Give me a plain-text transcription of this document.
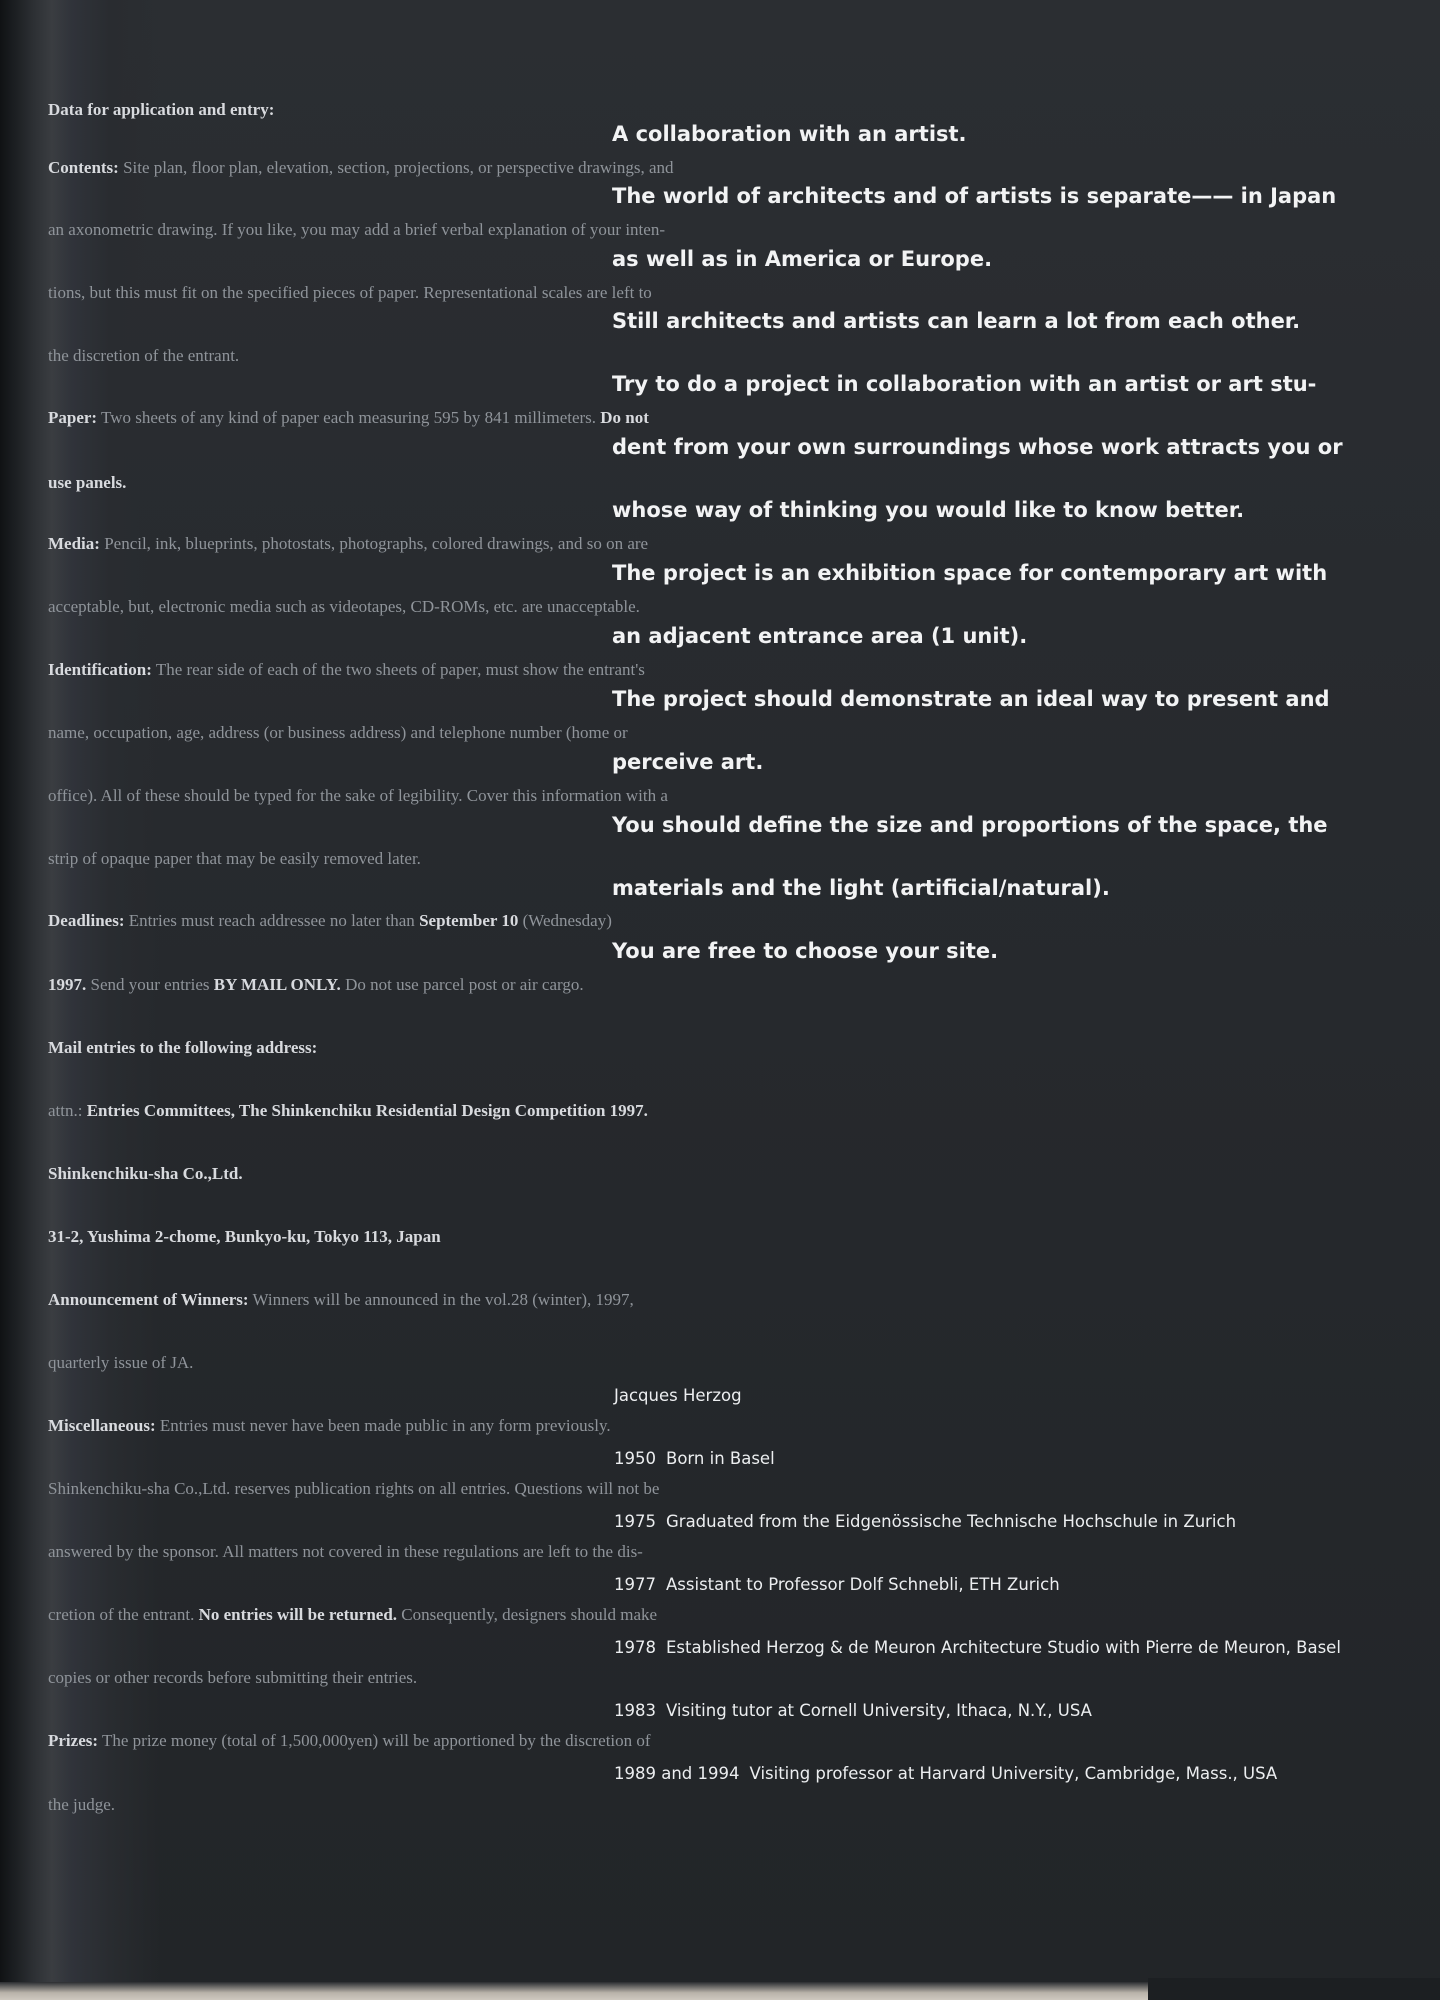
Data for application and entry:
Contents: Site plan, floor plan, elevation, section, projections, or perspective drawings, and
an axonometric drawing. If you like, you may add a brief verbal explanation of your inten-
tions, but this must fit on the specified pieces of paper. Representational scales are left to
the discretion of the entrant.
Paper: Two sheets of any kind of paper each measuring 595 by 841 millimeters. Do not
use panels.
Media: Pencil, ink, blueprints, photostats, photographs, colored drawings, and so on are
acceptable, but, electronic media such as videotapes, CD-ROMs, etc. are unacceptable.
Identification: The rear side of each of the two sheets of paper, must show the entrant's
name, occupation, age, address (or business address) and telephone number (home or
office). All of these should be typed for the sake of legibility. Cover this information with a
strip of opaque paper that may be easily removed later.
Deadlines: Entries must reach addressee no later than September 10 (Wednesday)
1997. Send your entries BY MAIL ONLY. Do not use parcel post or air cargo.
Mail entries to the following address:
attn.: Entries Committees, The Shinkenchiku Residential Design Competition 1997.
Shinkenchiku-sha Co.,Ltd.
31-2, Yushima 2-chome, Bunkyo-ku, Tokyo 113, Japan
Announcement of Winners: Winners will be announced in the vol.28 (winter), 1997,
quarterly issue of JA.
Miscellaneous: Entries must never have been made public in any form previously.
Shinkenchiku-sha Co.,Ltd. reserves publication rights on all entries. Questions will not be
answered by the sponsor. All matters not covered in these regulations are left to the dis-
cretion of the entrant. No entries will be returned. Consequently, designers should make
copies or other records before submitting their entries.
Prizes: The prize money (total of 1,500,000yen) will be apportioned by the discretion of
the judge.
A collaboration with an artist.
The world of architects and of artists is separate—— in Japan
as well as in America or Europe.
Still architects and artists can learn a lot from each other.
Try to do a project in collaboration with an artist or art stu-
dent from your own surroundings whose work attracts you or
whose way of thinking you would like to know better.
The project is an exhibition space for contemporary art with
an adjacent entrance area (1 unit).
The project should demonstrate an ideal way to present and
perceive art.
You should define the size and proportions of the space, the
materials and the light (artificial/natural).
You are free to choose your site.
Jacques Herzog
1950 Born in Basel
1975 Graduated from the Eidgenössische Technische Hochschule in Zurich
1977 Assistant to Professor Dolf Schnebli, ETH Zurich
1978 Established Herzog & de Meuron Architecture Studio with Pierre de Meuron, Basel
1983 Visiting tutor at Cornell University, Ithaca, N.Y., USA
1989 and 1994 Visiting professor at Harvard University, Cambridge, Mass., USA
